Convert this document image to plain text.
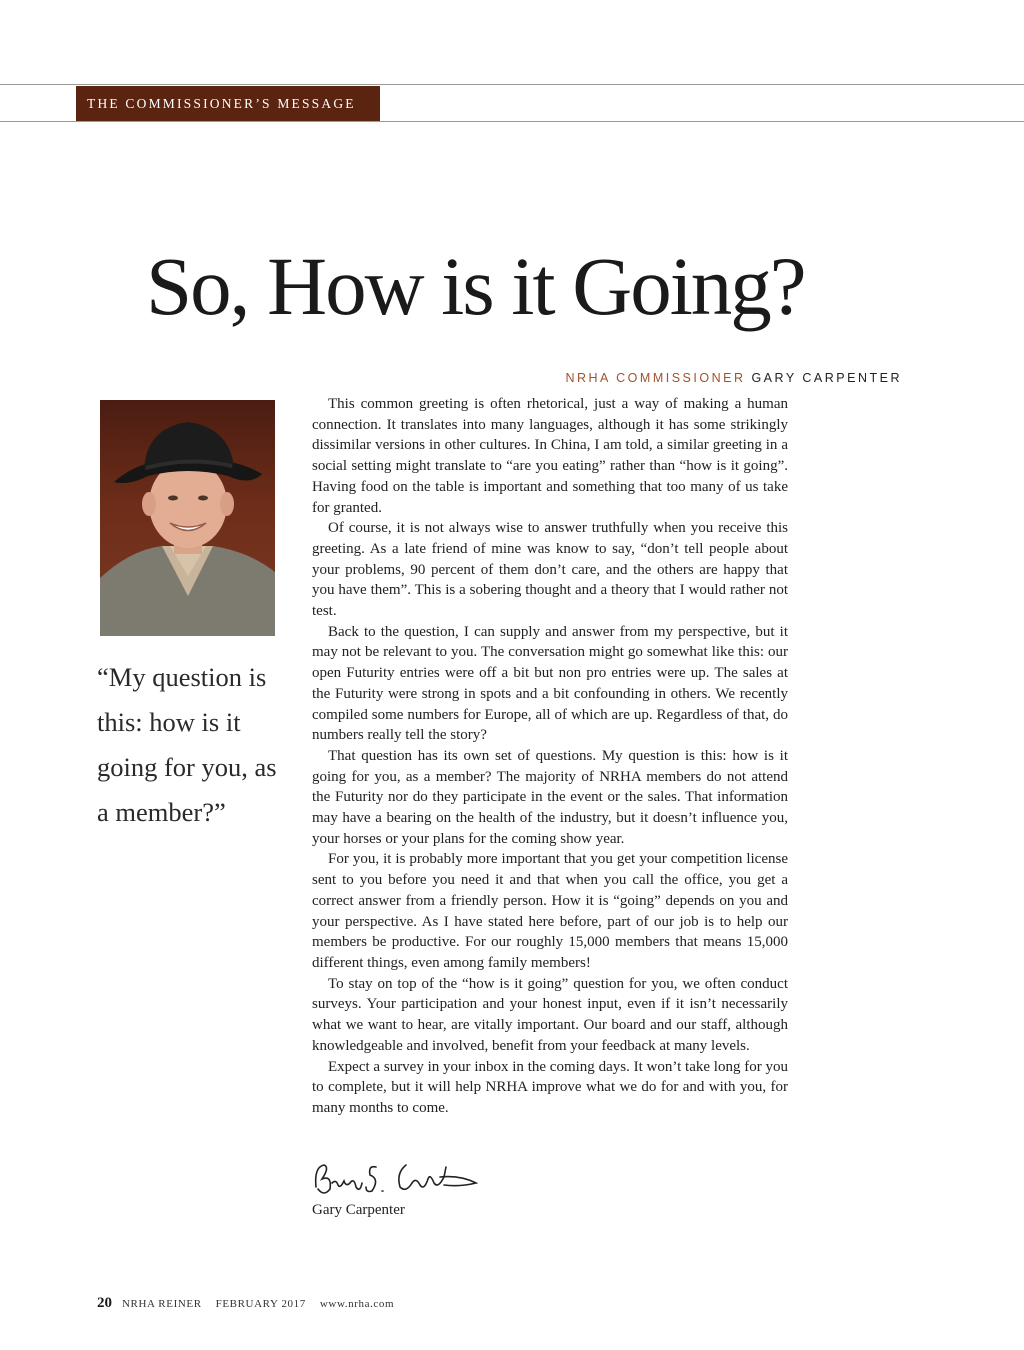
THE COMMISSIONER’S MESSAGE
So, How is it Going?
NRHA COMMISSIONER GARY CARPENTER
“My question is this: how is it going for you, as a member?”

This common greeting is often rhetorical, just a way of making a human connection. It translates into many languages, although it has some strikingly dissimilar versions in other cultures. In China, I am told, a similar greeting in a social setting might translate to “are you eating” rather than “how is it going”. Having food on the table is important and something that too many of us take for granted.

Of course, it is not always wise to answer truthfully when you receive this greeting. As a late friend of mine was know to say, “don’t tell people about your problems, 90 percent of them don’t care, and the others are happy that you have them”. This is a sobering thought and a theory that I would rather not test.

Back to the question, I can supply and answer from my perspective, but it may not be relevant to you. The conversation might go somewhat like this: our open Futurity entries were off a bit but non pro entries were up. The sales at the Futurity were strong in spots and a bit confounding in others. We recently compiled some numbers for Europe, all of which are up. Regardless of that, do numbers really tell the story?

That question has its own set of questions. My question is this: how is it going for you, as a member? The majority of NRHA members do not attend the Futurity nor do they participate in the event or the sales. That information may have a bearing on the health of the industry, but it doesn’t influence you, your horses or your plans for the coming show year.

For you, it is probably more important that you get your competition license sent to you before you need it and that when you call the office, you get a correct answer from a friendly person. How it is “going” depends on you and your perspective. As I have stated here before, part of our job is to help our members be productive. For our roughly 15,000 members that means 15,000 different things, even among family members!

To stay on top of the “how is it going” question for you, we often conduct surveys. Your participation and your honest input, even if it isn’t necessarily what we want to hear, are vitally important. Our board and our staff, although knowledgeable and involved, benefit from your feedback at many levels.

Expect a survey in your inbox in the coming days. It won’t take long for you to complete, but it will help NRHA improve what we do for and with you, for many months to come.

Gary Carpenter
20 NRHA REINER FEBRUARY 2017 www.nrha.com
